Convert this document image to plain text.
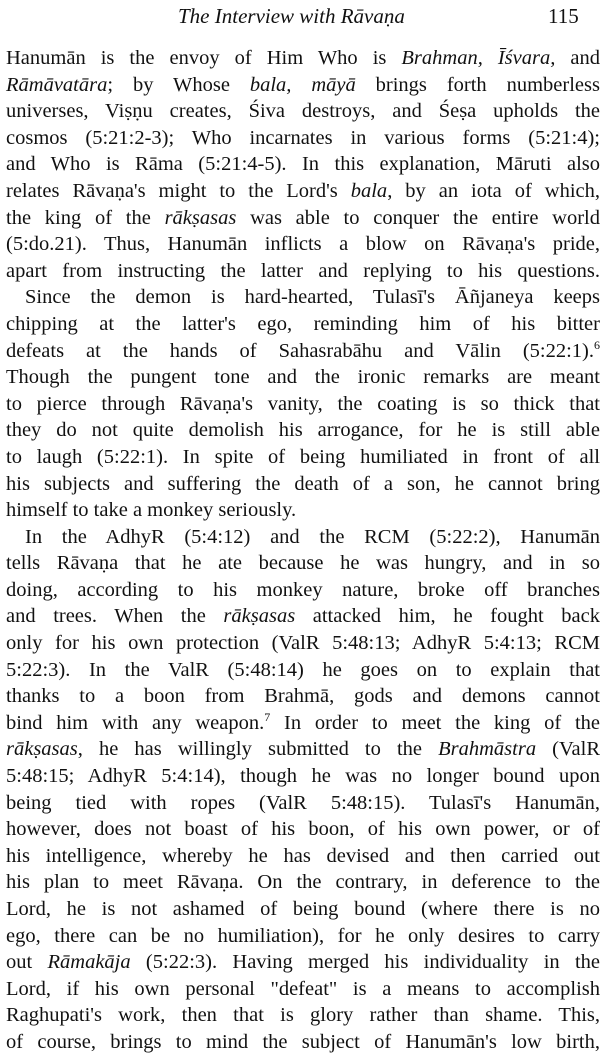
The Interview with Rāvaṇa	115
Hanumān is the envoy of Him Who is Brahman, Īśvara, and
Rāmāvatāra; by Whose bala, māyā brings forth numberless
universes, Viṣṇu creates, Śiva destroys, and Śeṣa upholds the
cosmos (5:21:2-3); Who incarnates in various forms (5:21:4);
and Who is Rāma (5:21:4-5). In this explanation, Māruti also
relates Rāvaṇa's might to the Lord's bala, by an iota of which,
the king of the rākṣasas was able to conquer the entire world
(5:do.21). Thus, Hanumān inflicts a blow on Rāvaṇa's pride,
apart from instructing the latter and replying to his questions.
Since the demon is hard-hearted, Tulasī's Āñjaneya keeps
chipping at the latter's ego, reminding him of his bitter
defeats at the hands of Sahasrabāhu and Vālin (5:22:1).$^6$
Though the pungent tone and the ironic remarks are meant
to pierce through Rāvaṇa's vanity, the coating is so thick that
they do not quite demolish his arrogance, for he is still able
to laugh (5:22:1). In spite of being humiliated in front of all
his subjects and suffering the death of a son, he cannot bring
himself to take a monkey seriously.
In the AdhyR (5:4:12) and the RCM (5:22:2), Hanumān
tells Rāvaṇa that he ate because he was hungry, and in so
doing, according to his monkey nature, broke off branches
and trees. When the rākṣasas attacked him, he fought back
only for his own protection (ValR 5:48:13; AdhyR 5:4:13; RCM
5:22:3). In the ValR (5:48:14) he goes on to explain that
thanks to a boon from Brahmā, gods and demons cannot
bind him with any weapon.$^7$ In order to meet the king of the
rākṣasas, he has willingly submitted to the Brahmāstra (ValR
5:48:15; AdhyR 5:4:14), though he was no longer bound upon
being tied with ropes (ValR 5:48:15). Tulasī's Hanumān,
however, does not boast of his boon, of his own power, or of
his intelligence, whereby he has devised and then carried out
his plan to meet Rāvaṇa. On the contrary, in deference to the
Lord, he is not ashamed of being bound (where there is no
ego, there can be no humiliation), for he only desires to carry
out Rāmakāja (5:22:3). Having merged his individuality in the
Lord, if his own personal "defeat" is a means to accomplish
Raghupati's work, then that is glory rather than shame. This,
of course, brings to mind the subject of Hanumān's low birth,
